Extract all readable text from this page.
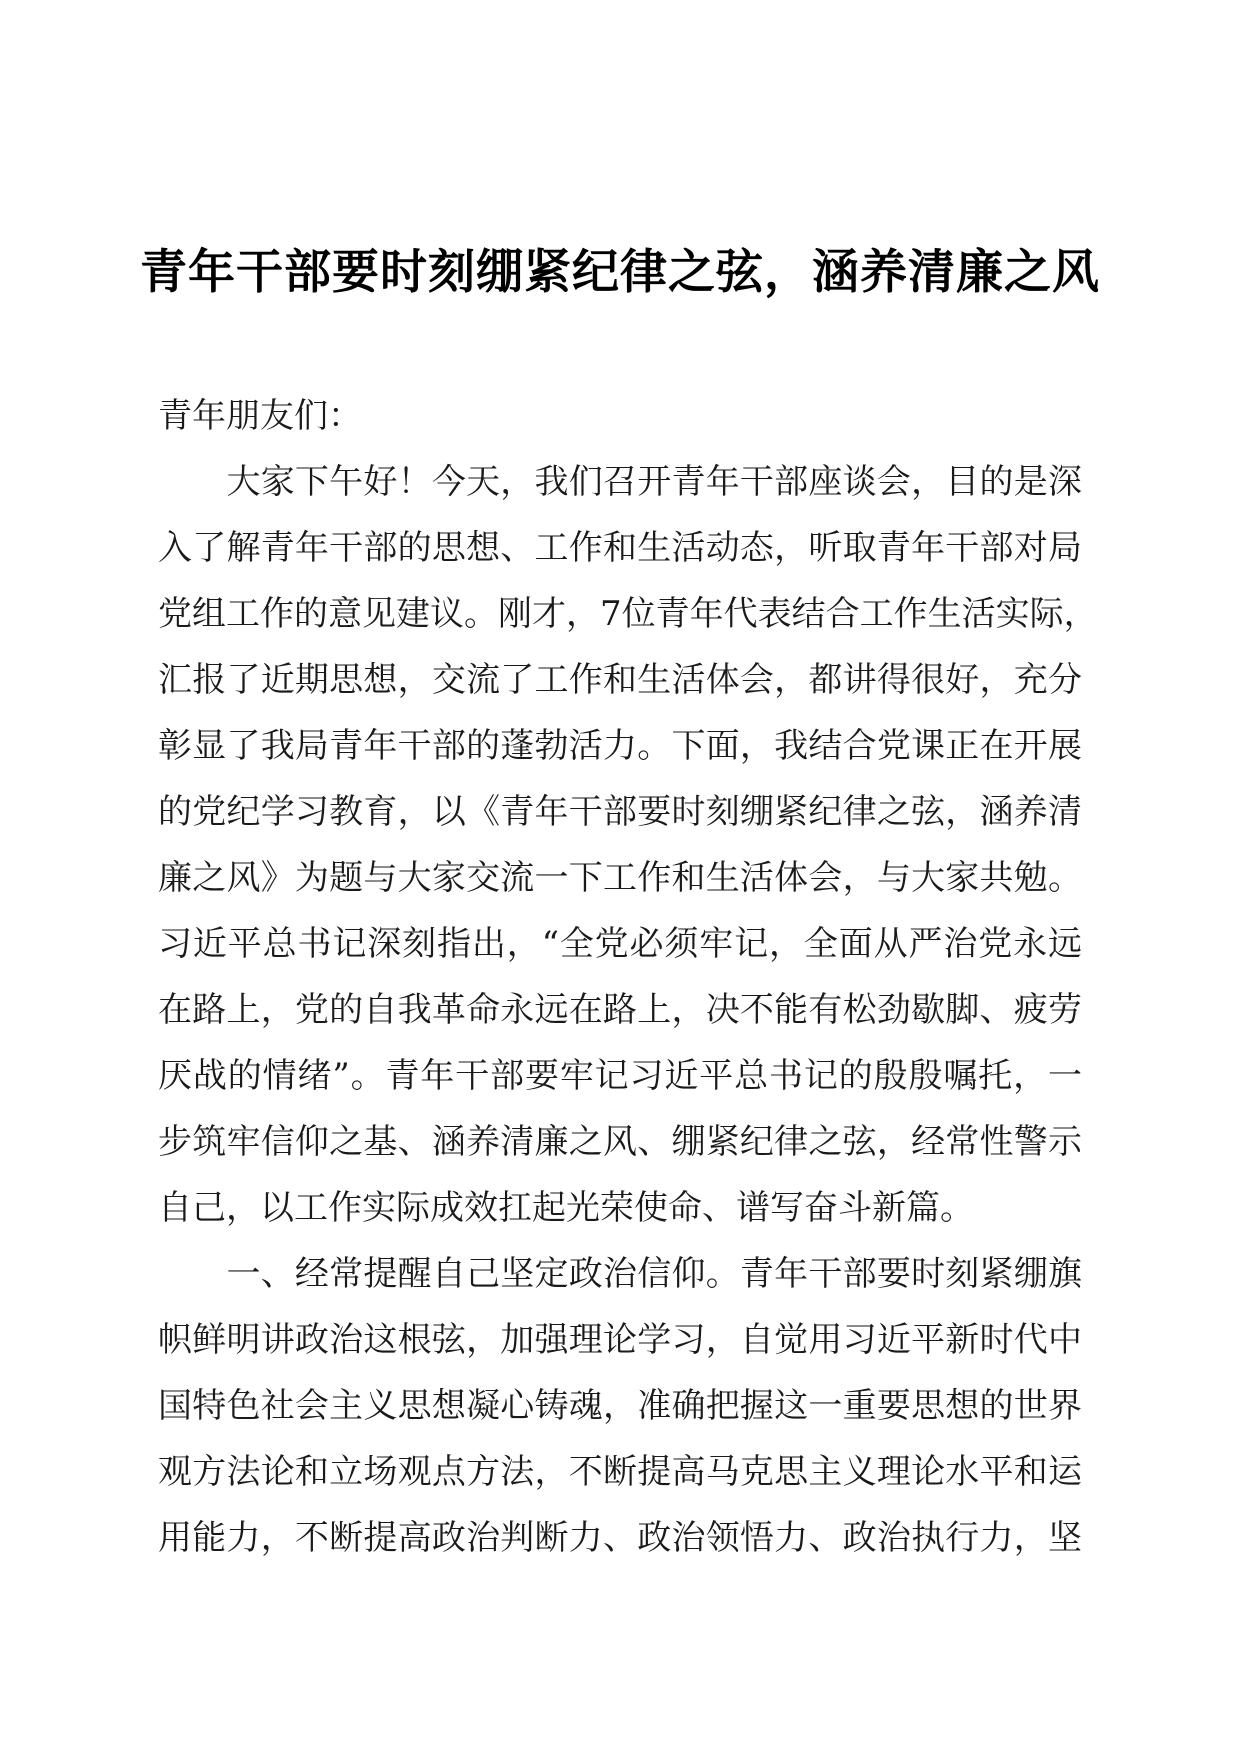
青年干部要时刻绷紧纪律之弦，涵养清廉之风
青年朋友们：
　　大家下午好！今天，我们召开青年干部座谈会，目的是深
入了解青年干部的思想、工作和生活动态，听取青年干部对局
党组工作的意见建议。刚才，7位青年代表结合工作生活实际，
汇报了近期思想，交流了工作和生活体会，都讲得很好，充分
彰显了我局青年干部的蓬勃活力。下面，我结合党课正在开展
的党纪学习教育，以《青年干部要时刻绷紧纪律之弦，涵养清
廉之风》为题与大家交流一下工作和生活体会，与大家共勉。
习近平总书记深刻指出，“全党必须牢记，全面从严治党永远
在路上，党的自我革命永远在路上，决不能有松劲歇脚、疲劳
厌战的情绪”。青年干部要牢记习近平总书记的殷殷嘱托，一
步筑牢信仰之基、涵养清廉之风、绷紧纪律之弦，经常性警示
自己，以工作实际成效扛起光荣使命、谱写奋斗新篇。
　　一、经常提醒自己坚定政治信仰。青年干部要时刻紧绷旗
帜鲜明讲政治这根弦，加强理论学习，自觉用习近平新时代中
国特色社会主义思想凝心铸魂，准确把握这一重要思想的世界
观方法论和立场观点方法，不断提高马克思主义理论水平和运
用能力，不断提高政治判断力、政治领悟力、政治执行力，坚
